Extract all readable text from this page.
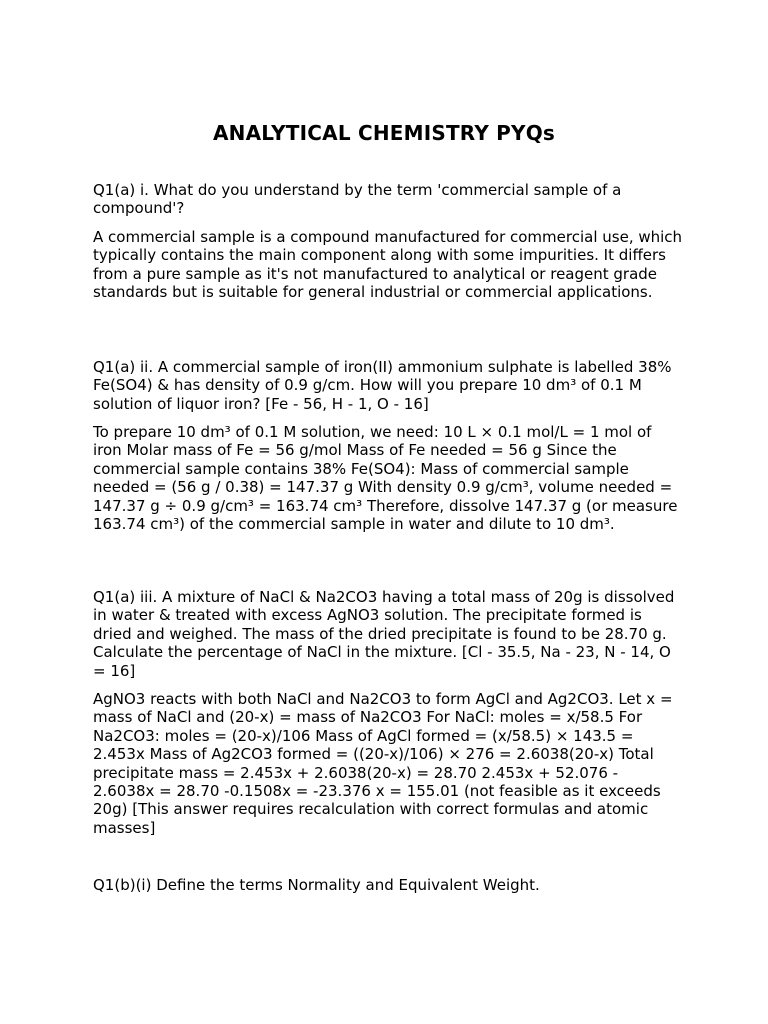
ANALYTICAL CHEMISTRY PYQs
Q1(a) i. What do you understand by the term 'commercial sample of a compound'?
A commercial sample is a compound manufactured for commercial use, which typically contains the main component along with some impurities. It differs from a pure sample as it's not manufactured to analytical or reagent grade standards but is suitable for general industrial or commercial applications.
Q1(a) ii. A commercial sample of iron(II) ammonium sulphate is labelled 38% Fe(SO4) & has density of 0.9 g/cm. How will you prepare 10 dm³ of 0.1 M solution of liquor iron? [Fe - 56, H - 1, O - 16]
To prepare 10 dm³ of 0.1 M solution, we need: 10 L × 0.1 mol/L = 1 mol of iron Molar mass of Fe = 56 g/mol Mass of Fe needed = 56 g Since the commercial sample contains 38% Fe(SO4): Mass of commercial sample needed = (56 g / 0.38) = 147.37 g With density 0.9 g/cm³, volume needed = 147.37 g ÷ 0.9 g/cm³ = 163.74 cm³ Therefore, dissolve 147.37 g (or measure 163.74 cm³) of the commercial sample in water and dilute to 10 dm³.
Q1(a) iii. A mixture of NaCl & Na2CO3 having a total mass of 20g is dissolved in water & treated with excess AgNO3 solution. The precipitate formed is dried and weighed. The mass of the dried precipitate is found to be 28.70 g. Calculate the percentage of NaCl in the mixture. [Cl - 35.5, Na - 23, N - 14, O = 16]
AgNO3 reacts with both NaCl and Na2CO3 to form AgCl and Ag2CO3. Let x = mass of NaCl and (20-x) = mass of Na2CO3 For NaCl: moles = x/58.5 For Na2CO3: moles = (20-x)/106 Mass of AgCl formed = (x/58.5) × 143.5 = 2.453x Mass of Ag2CO3 formed = ((20-x)/106) × 276 = 2.6038(20-x) Total precipitate mass = 2.453x + 2.6038(20-x) = 28.70 2.453x + 52.076 - 2.6038x = 28.70 -0.1508x = -23.376 x = 155.01 (not feasible as it exceeds 20g) [This answer requires recalculation with correct formulas and atomic masses]
Q1(b)(i) Define the terms Normality and Equivalent Weight.
